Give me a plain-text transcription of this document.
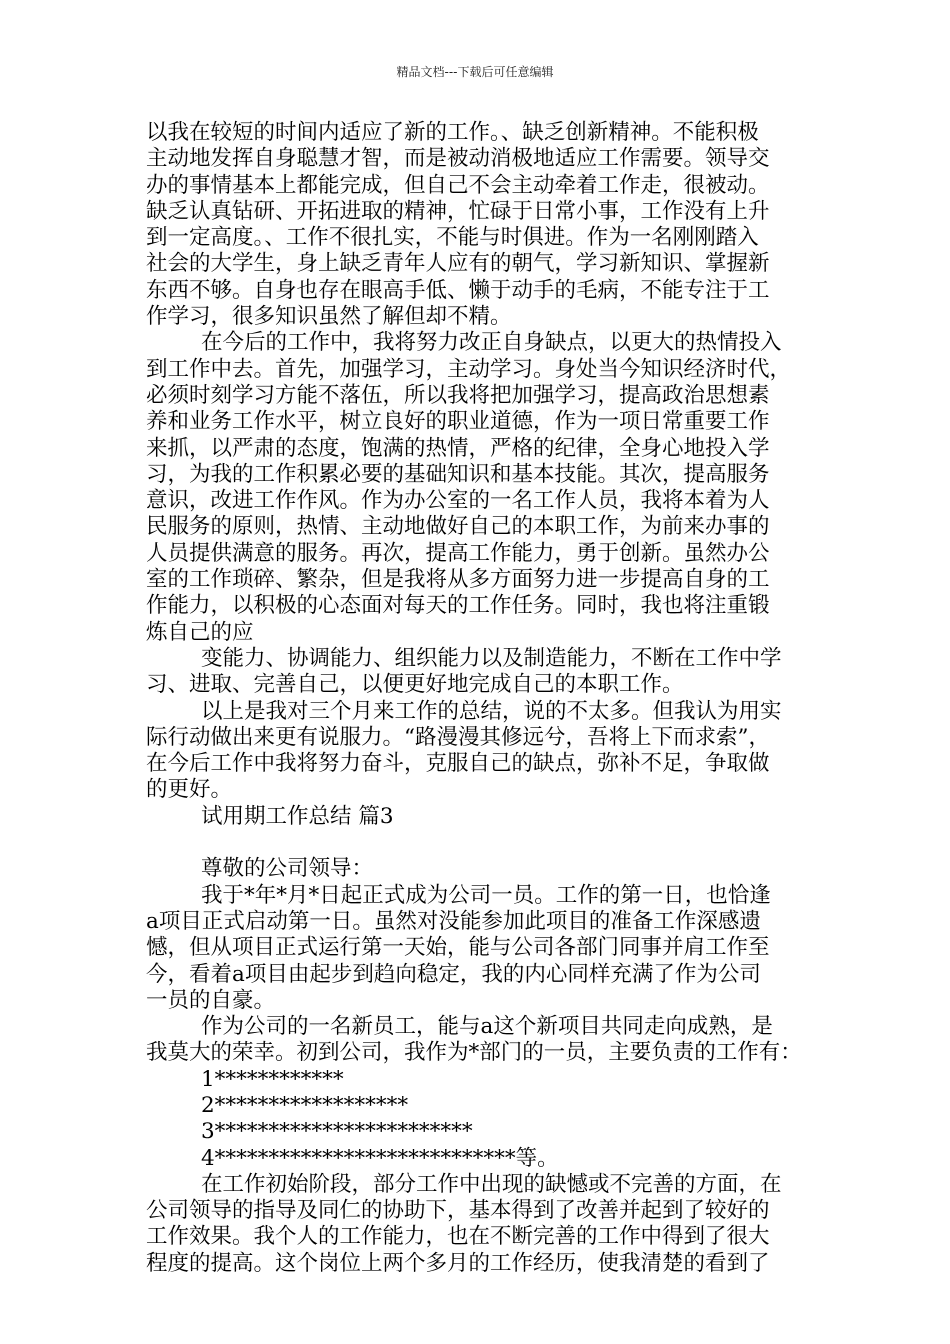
精品文档---下载后可任意编辑
以我在较短的时间内适应了新的工作。、缺乏创新精神。不能积极
主动地发挥自身聪慧才智，而是被动消极地适应工作需要。领导交
办的事情基本上都能完成，但自己不会主动牵着工作走，很被动。
缺乏认真钻研、开拓进取的精神，忙碌于日常小事，工作没有上升
到一定高度。、工作不很扎实，不能与时俱进。作为一名刚刚踏入
社会的大学生，身上缺乏青年人应有的朝气，学习新知识、掌握新
东西不够。自身也存在眼高手低、懒于动手的毛病，不能专注于工
作学习，很多知识虽然了解但却不精。
在今后的工作中，我将努力改正自身缺点，以更大的热情投入
到工作中去。首先，加强学习，主动学习。身处当今知识经济时代，
必须时刻学习方能不落伍，所以我将把加强学习，提高政治思想素
养和业务工作水平，树立良好的职业道德，作为一项日常重要工作
来抓，以严肃的态度，饱满的热情，严格的纪律，全身心地投入学
习，为我的工作积累必要的基础知识和基本技能。其次，提高服务
意识，改进工作作风。作为办公室的一名工作人员，我将本着为人
民服务的原则，热情、主动地做好自己的本职工作，为前来办事的
人员提供满意的服务。再次，提高工作能力，勇于创新。虽然办公
室的工作琐碎、繁杂，但是我将从多方面努力进一步提高自身的工
作能力，以积极的心态面对每天的工作任务。同时，我也将注重锻
炼自己的应
变能力、协调能力、组织能力以及制造能力，不断在工作中学
习、进取、完善自己，以便更好地完成自己的本职工作。
以上是我对三个月来工作的总结，说的不太多。但我认为用实
际行动做出来更有说服力。“路漫漫其修远兮，吾将上下而求索”，
在今后工作中我将努力奋斗，克服自己的缺点，弥补不足，争取做
的更好。
试用期工作总结 篇3
尊敬的公司领导：
我于*年*月*日起正式成为公司一员。工作的第一日，也恰逢
a项目正式启动第一日。虽然对没能参加此项目的准备工作深感遗
憾，但从项目正式运行第一天始，能与公司各部门同事并肩工作至
今，看着a项目由起步到趋向稳定，我的内心同样充满了作为公司
一员的自豪。
作为公司的一名新员工，能与a这个新项目共同走向成熟，是
我莫大的荣幸。初到公司，我作为*部门的一员，主要负责的工作有：
1************
2******************
3************************
4****************************等。
在工作初始阶段，部分工作中出现的缺憾或不完善的方面，在
公司领导的指导及同仁的协助下，基本得到了改善并起到了较好的
工作效果。我个人的工作能力，也在不断完善的工作中得到了很大
程度的提高。这个岗位上两个多月的工作经历，使我清楚的看到了
